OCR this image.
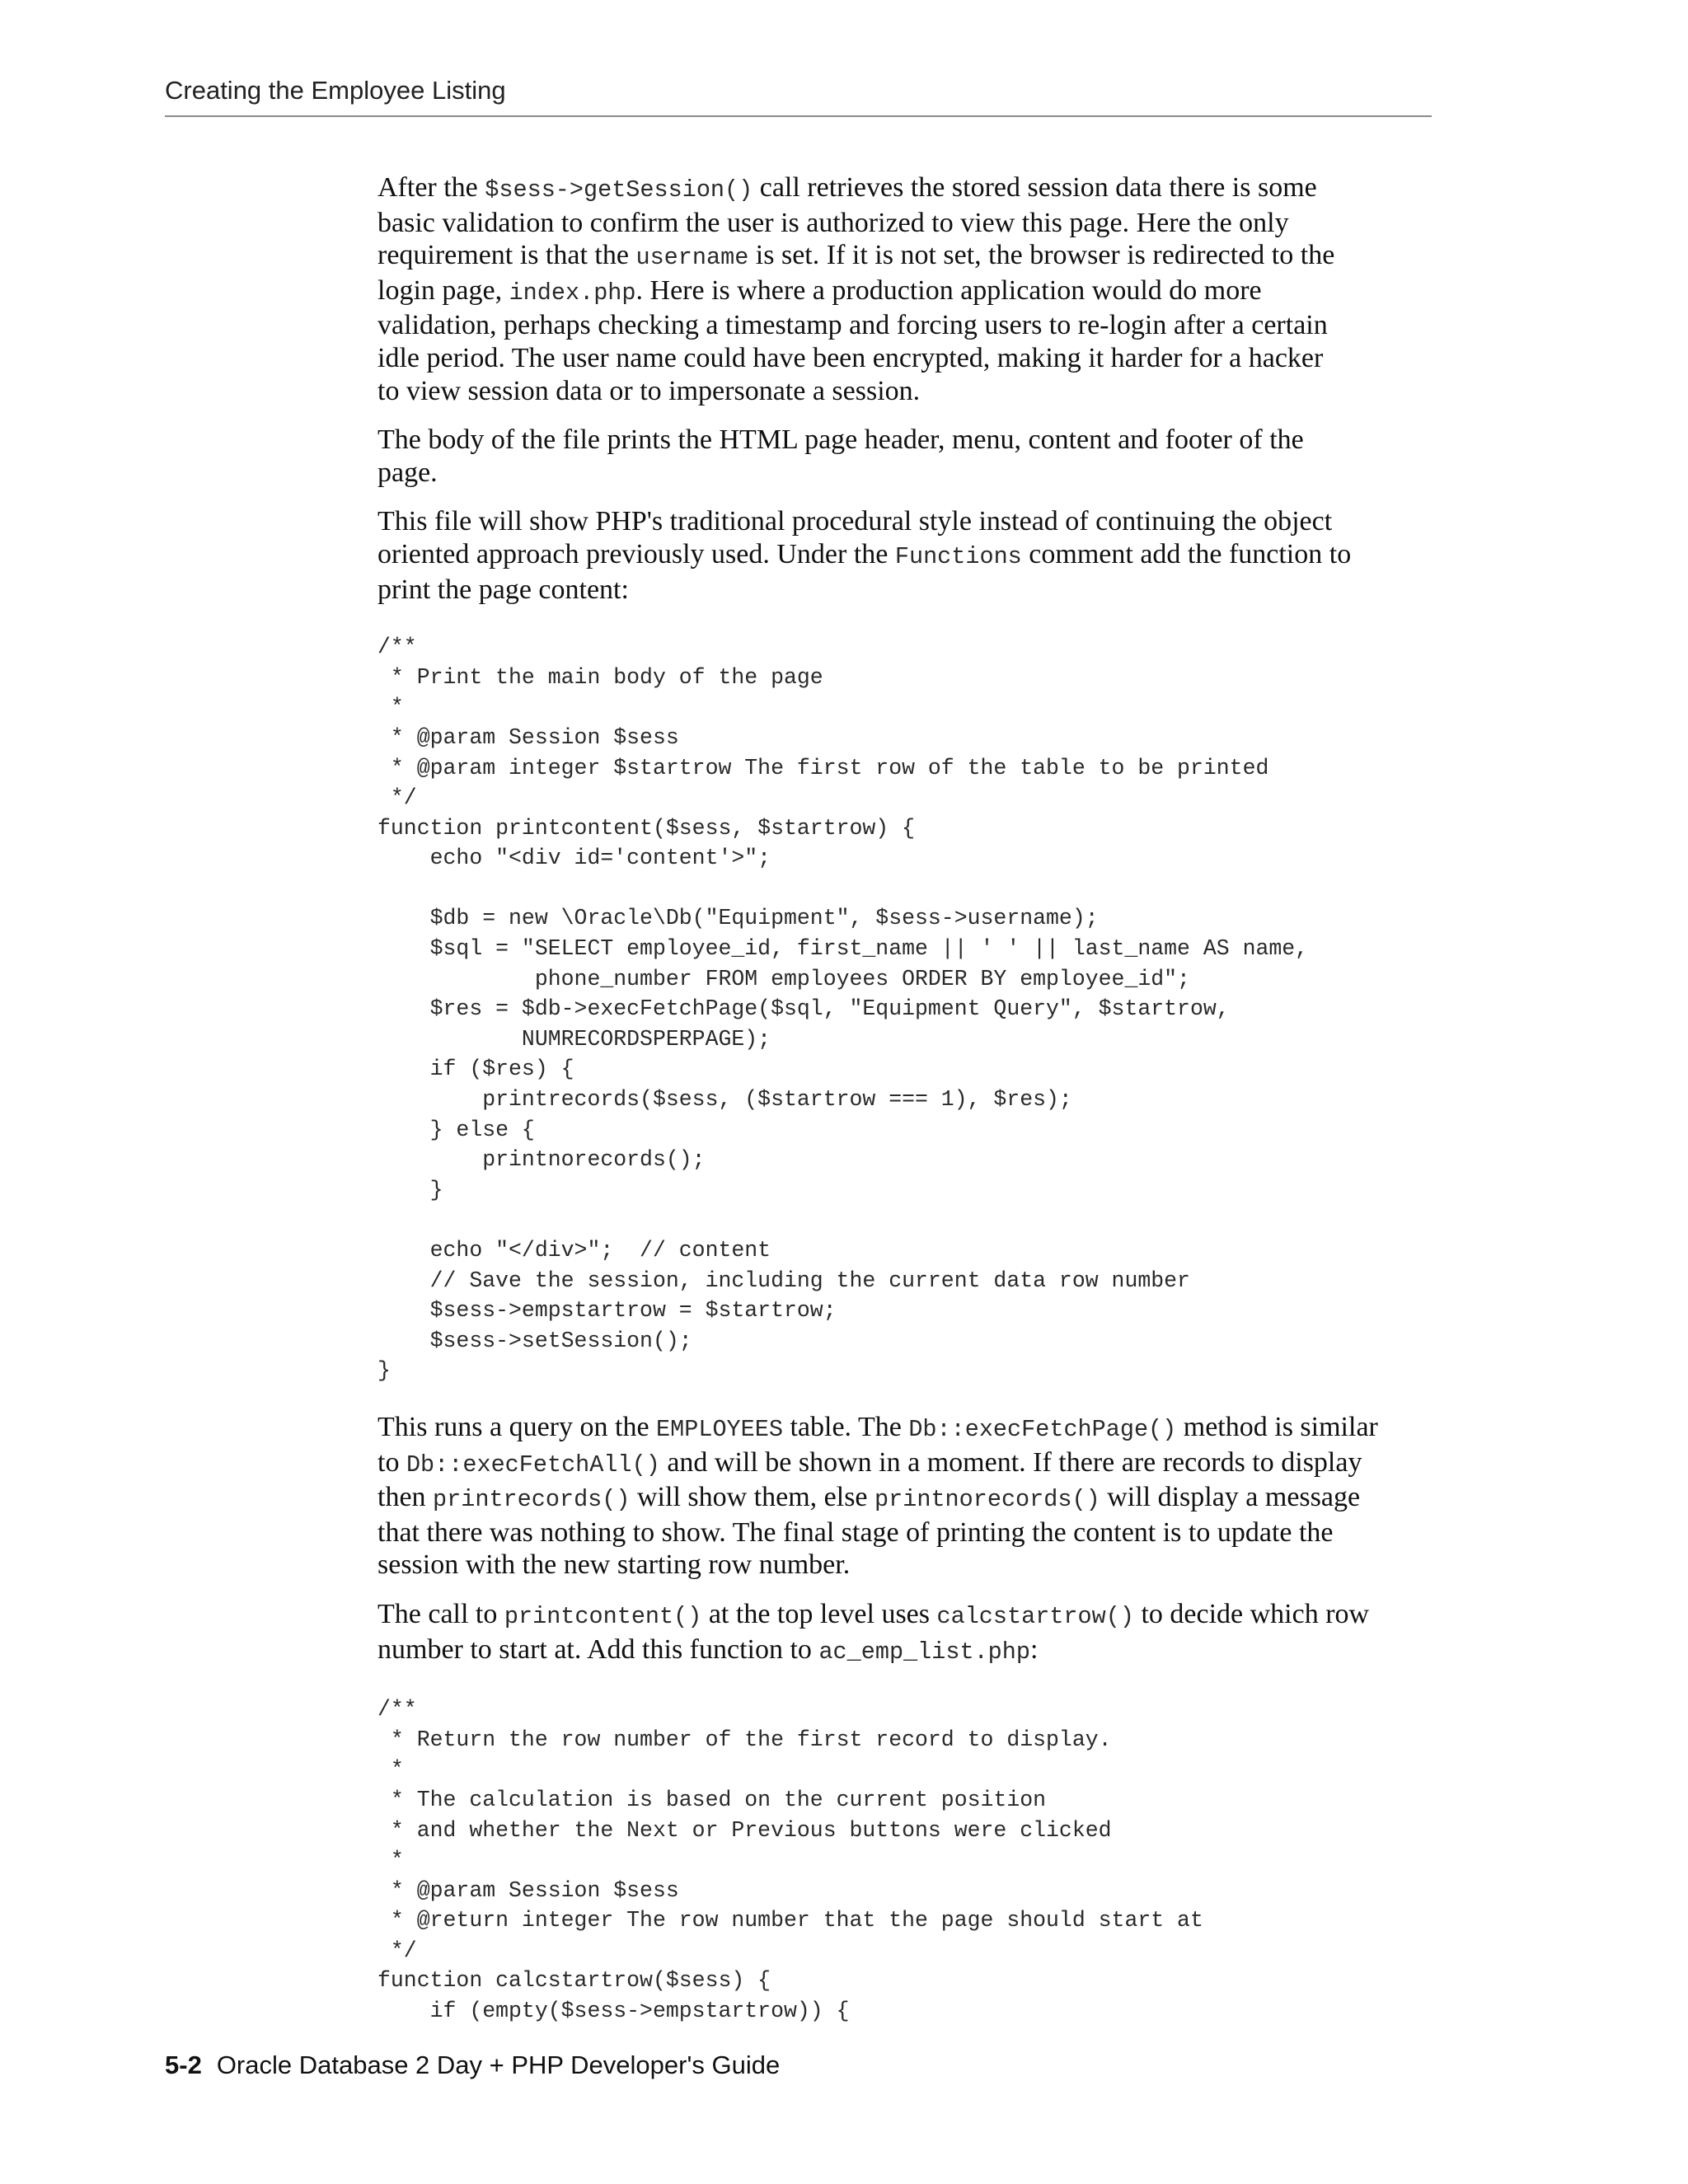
Creating the Employee Listing
After the $sess->getSession() call retrieves the stored session data there is some
basic validation to confirm the user is authorized to view this page. Here the only
requirement is that the username is set. If it is not set, the browser is redirected to the
login page, index.php. Here is where a production application would do more
validation, perhaps checking a timestamp and forcing users to re-login after a certain
idle period. The user name could have been encrypted, making it harder for a hacker
to view session data or to impersonate a session.
The body of the file prints the HTML page header, menu, content and footer of the
page.
This file will show PHP's traditional procedural style instead of continuing the object
oriented approach previously used. Under the Functions comment add the function to
print the page content:
/**
* Print the main body of the page
*
* @param Session $sess
* @param integer $startrow The first row of the table to be printed
*/
function printcontent($sess, $startrow) {
echo "<div id='content'>";

$db = new \Oracle\Db("Equipment", $sess->username);
$sql = "SELECT employee_id, first_name || ' ' || last_name AS name,
phone_number FROM employees ORDER BY employee_id";
$res = $db->execFetchPage($sql, "Equipment Query", $startrow,
NUMRECORDSPERPAGE);
if ($res) {
printrecords($sess, ($startrow === 1), $res);
} else {
printnorecords();
}

echo "</div>";  // content
// Save the session, including the current data row number
$sess->empstartrow = $startrow;
$sess->setSession();
}
This runs a query on the EMPLOYEES table. The Db::execFetchPage() method is similar
to Db::execFetchAll() and will be shown in a moment. If there are records to display
then printrecords() will show them, else printnorecords() will display a message
that there was nothing to show. The final stage of printing the content is to update the
session with the new starting row number.
The call to printcontent() at the top level uses calcstartrow() to decide which row
number to start at. Add this function to ac_emp_list.php:
/**
* Return the row number of the first record to display.
*
* The calculation is based on the current position
* and whether the Next or Previous buttons were clicked
*
* @param Session $sess
* @return integer The row number that the page should start at
*/
function calcstartrow($sess) {
if (empty($sess->empstartrow)) {
5-2 Oracle Database 2 Day + PHP Developer's Guide
